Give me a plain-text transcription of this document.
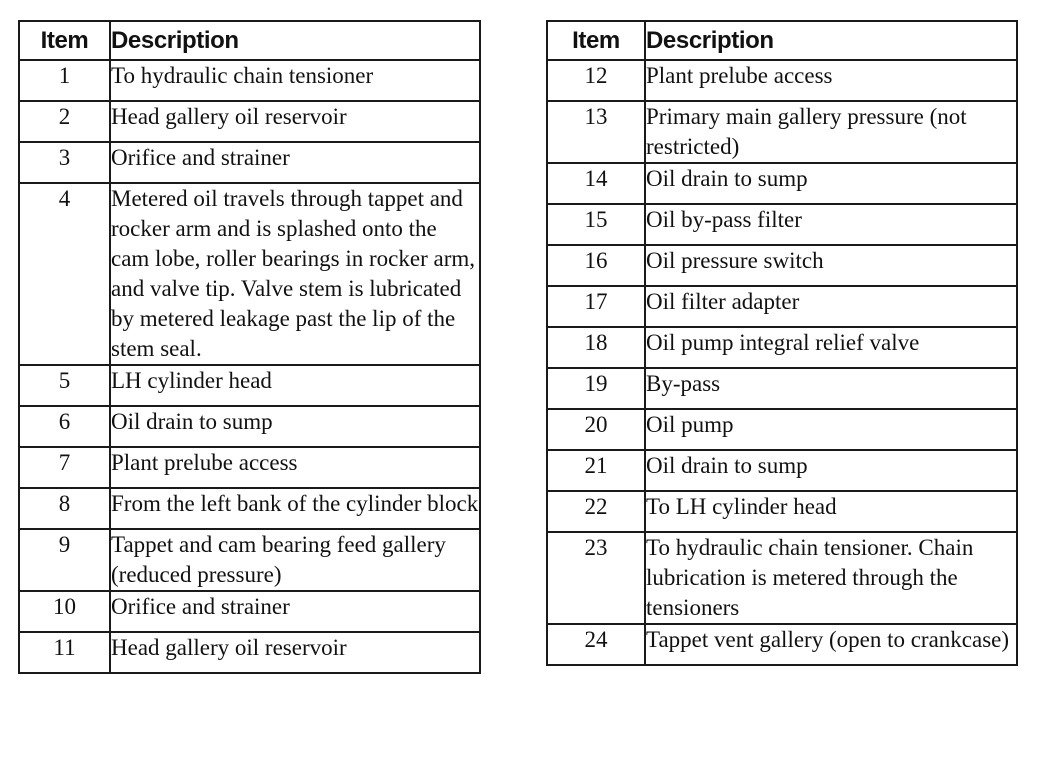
Item	Description
1	To hydraulic chain tensioner
2	Head gallery oil reservoir
3	Orifice and strainer
4	Metered oil travels through tappet and rocker arm and is splashed onto the cam lobe, roller bearings in rocker arm, and valve tip. Valve stem is lubricated by metered leakage past the lip of the stem seal.
5	LH cylinder head
6	Oil drain to sump
7	Plant prelube access
8	From the left bank of the cylinder block
9	Tappet and cam bearing feed gallery (reduced pressure)
10	Orifice and strainer
11	Head gallery oil reservoir
Item	Description
12	Plant prelube access
13	Primary main gallery pressure (not restricted)
14	Oil drain to sump
15	Oil by-pass filter
16	Oil pressure switch
17	Oil filter adapter
18	Oil pump integral relief valve
19	By-pass
20	Oil pump
21	Oil drain to sump
22	To LH cylinder head
23	To hydraulic chain tensioner. Chain lubrication is metered through the tensioners
24	Tappet vent gallery (open to crankcase)
